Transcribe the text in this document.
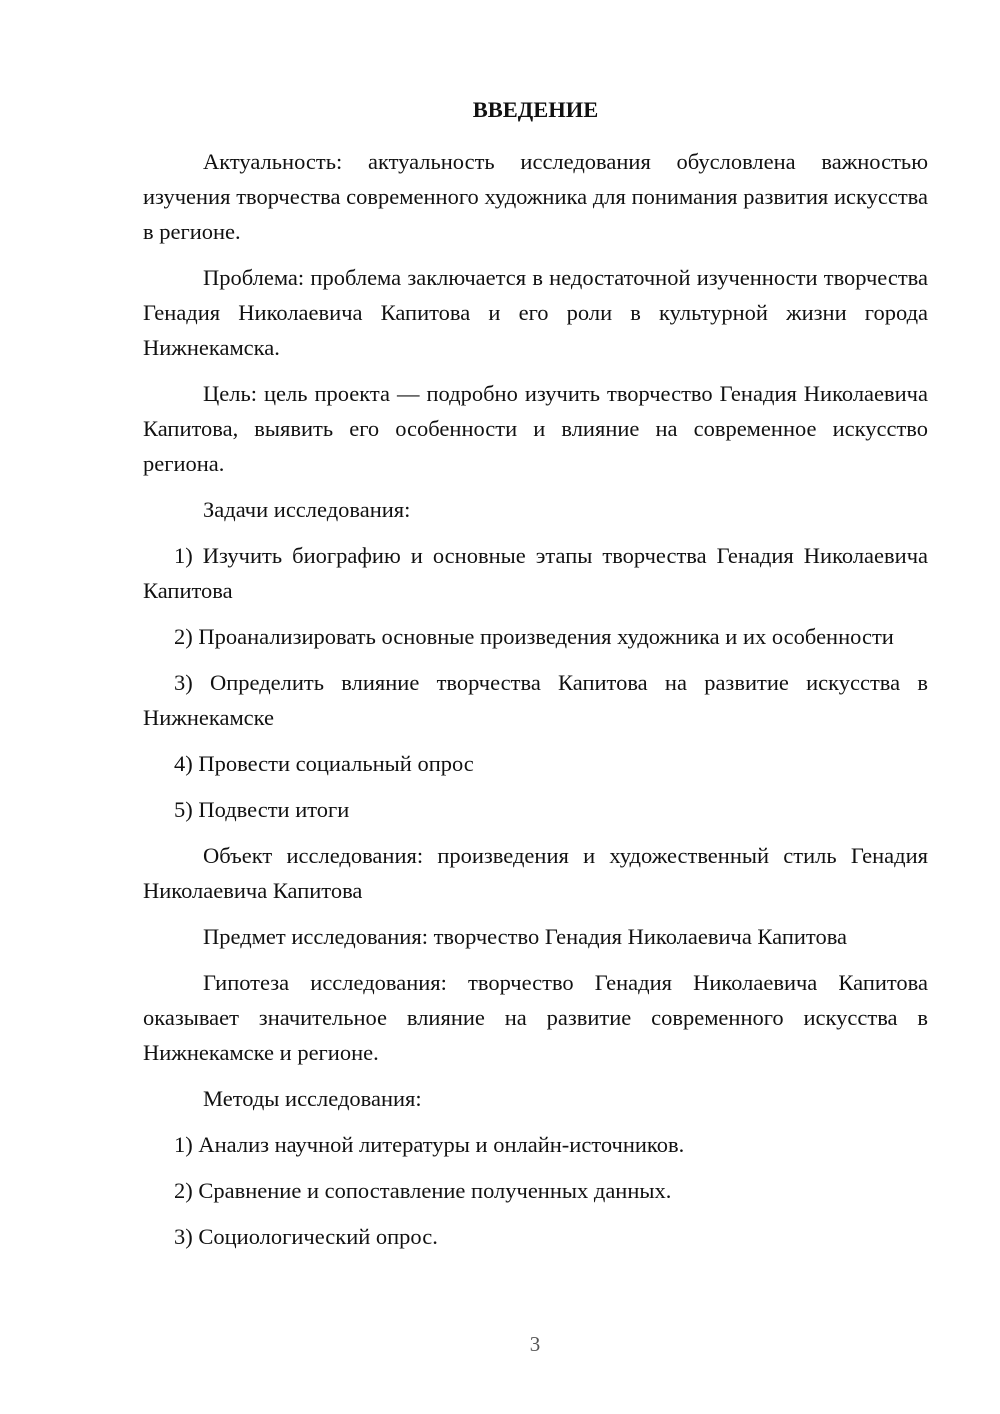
ВВЕДЕНИЕ

Актуальность: актуальность исследования обусловлена важностью изучения творчества современного художника для понимания развития искусства в регионе.

Проблема: проблема заключается в недостаточной изученности творчества Генадия Николаевича Капитова и его роли в культурной жизни города Нижнекамска.

Цель: цель проекта — подробно изучить творчество Генадия Николаевича Капитова, выявить его особенности и влияние на современное искусство региона.

Задачи исследования:

1) Изучить биографию и основные этапы творчества Генадия Николаевича Капитова

2) Проанализировать основные произведения художника и их особенности

3) Определить влияние творчества Капитова на развитие искусства в Нижнекамске

4) Провести социальный опрос

5) Подвести итоги

Объект исследования: произведения и художественный стиль Генадия Николаевича Капитова

Предмет исследования: творчество Генадия Николаевича Капитова

Гипотеза исследования: творчество Генадия Николаевича Капитова оказывает значительное влияние на развитие современного искусства в Нижнекамске и регионе.

Методы исследования:

1) Анализ научной литературы и онлайн-источников.

2) Сравнение и сопоставление полученных данных.

3) Социологический опрос.

3
